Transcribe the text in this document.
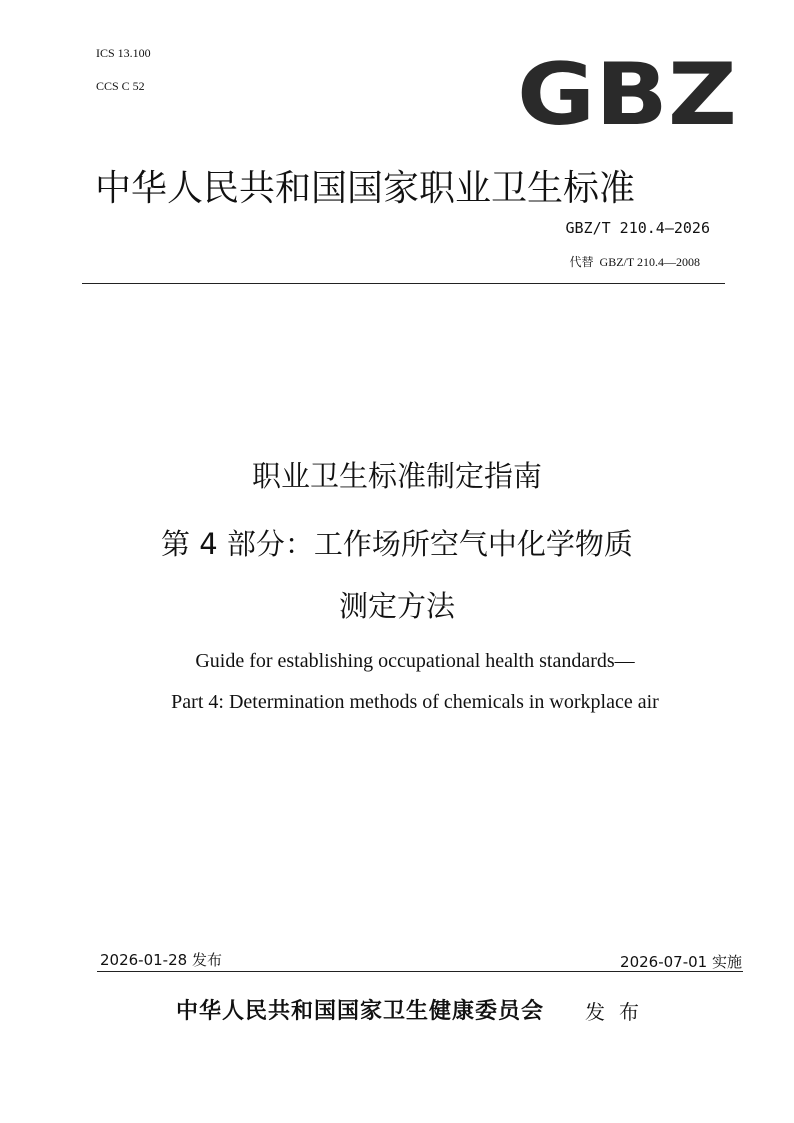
ICS 13.100
CCS C 52	GBZ
中华人民共和国国家职业卫生标准
GBZ/T 210.4—2026
代替 GBZ/T 210.4—2008
职业卫生标准制定指南
第 4 部分：工作场所空气中化学物质
测定方法
Guide for establishing occupational health standards—
Part 4: Determination methods of chemicals in workplace air
2026-01-28 发布	2026-07-01 实施
中华人民共和国国家卫生健康委员会 发布
